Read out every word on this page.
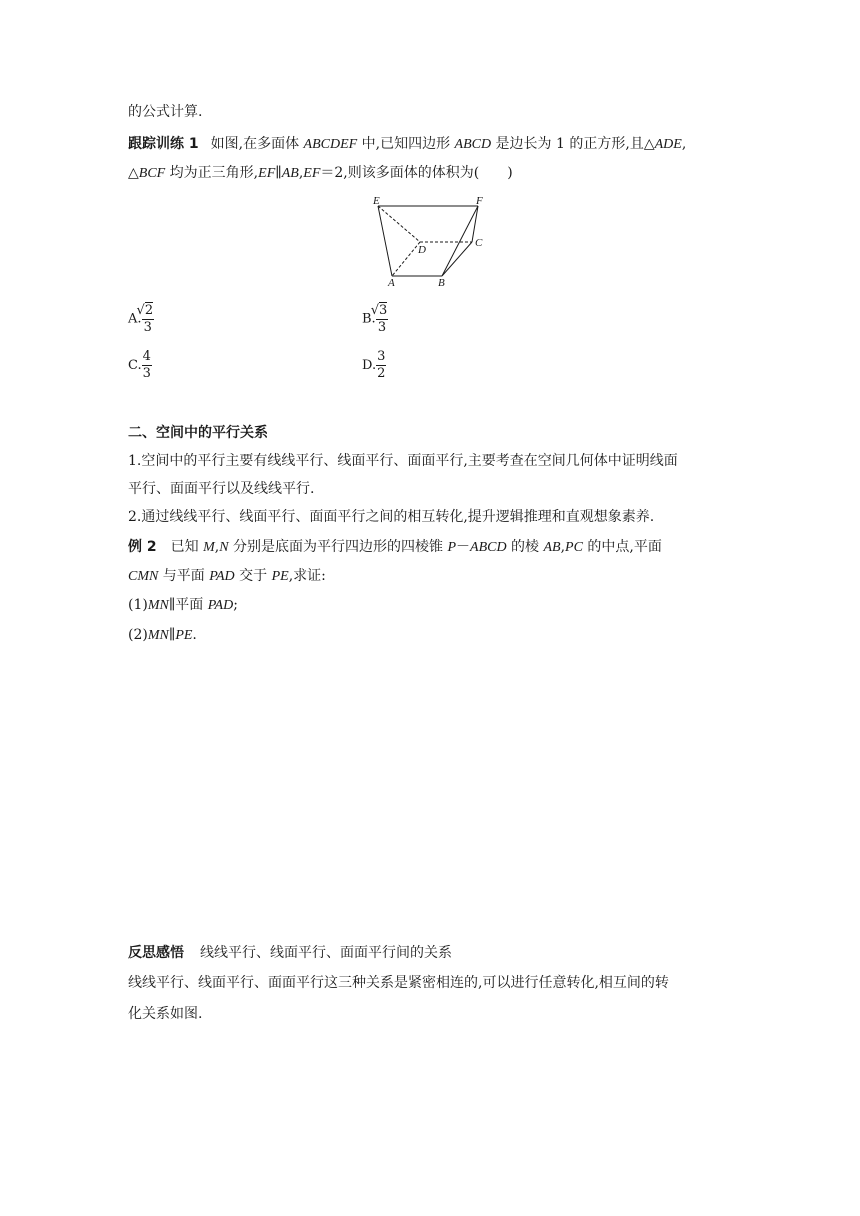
的公式计算.
跟踪训练 1 如图,在多面体 ABCDEF 中,已知四边形 ABCD 是边长为 1 的正方形,且△ADE,
△BCF 均为正三角形,EF∥AB,EF＝2,则该多面体的体积为(　　)
E	F
D
C
A	B
A. √ $\frac{2}{3}$	B. √ $\frac{3}{3}$
C. $\frac{4}{3}$	D. $\frac{3}{2}$
二、空间中的平行关系
1.空间中的平行主要有线线平行、线面平行、面面平行,主要考查在空间几何体中证明线面
平行、面面平行以及线线平行.
2.通过线线平行、线面平行、面面平行之间的相互转化,提升逻辑推理和直观想象素养.
例 2 已知 M,N 分别是底面为平行四边形的四棱锥 P－ABCD 的棱 AB,PC 的中点,平面
CMN 与平面 PAD 交于 PE,求证:
(1)MN∥平面 PAD;
(2)MN∥PE.
反思感悟 线线平行、线面平行、面面平行间的关系
线线平行、线面平行、面面平行这三种关系是紧密相连的,可以进行任意转化,相互间的转
化关系如图.
